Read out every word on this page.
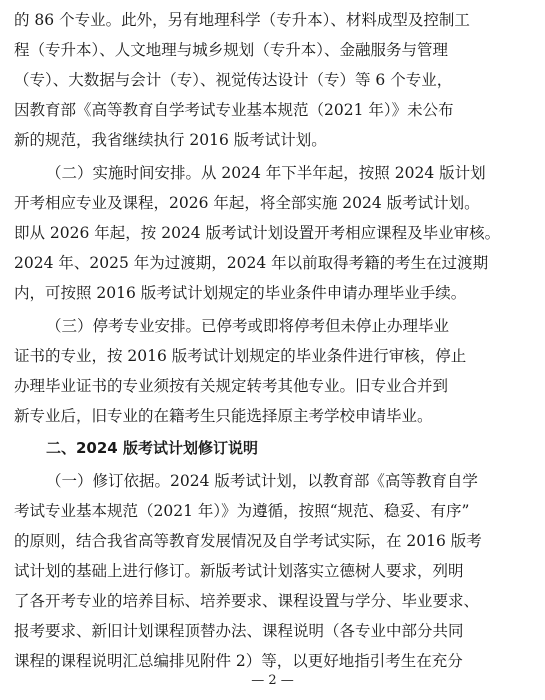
的 86 个专业。此外，另有地理科学（专升本）、材料成型及控制工
程（专升本）、人文地理与城乡规划（专升本）、金融服务与管理
（专）、大数据与会计（专）、视觉传达设计（专）等 6 个专业，
因教育部《高等教育自学考试专业基本规范（2021 年）》未公布
新的规范，我省继续执行 2016 版考试计划。
（二）实施时间安排。从 2024 年下半年起，按照 2024 版计划
开考相应专业及课程，2026 年起，将全部实施 2024 版考试计划。
即从 2026 年起，按 2024 版考试计划设置开考相应课程及毕业审核。
2024 年、2025 年为过渡期，2024 年以前取得考籍的考生在过渡期
内，可按照 2016 版考试计划规定的毕业条件申请办理毕业手续。
（三）停考专业安排。已停考或即将停考但未停止办理毕业
证书的专业，按 2016 版考试计划规定的毕业条件进行审核，停止
办理毕业证书的专业须按有关规定转考其他专业。旧专业合并到
新专业后，旧专业的在籍考生只能选择原主考学校申请毕业。
二、2024 版考试计划修订说明
（一）修订依据。2024 版考试计划，以教育部《高等教育自学
考试专业基本规范（2021 年）》为遵循，按照“规范、稳妥、有序”
的原则，结合我省高等教育发展情况及自学考试实际，在 2016 版考
试计划的基础上进行修订。新版考试计划落实立德树人要求，列明
了各开考专业的培养目标、培养要求、课程设置与学分、毕业要求、
报考要求、新旧计划课程顶替办法、课程说明（各专业中部分共同
课程的课程说明汇总编排见附件 2）等，以更好地指引考生在充分
— 2 —
